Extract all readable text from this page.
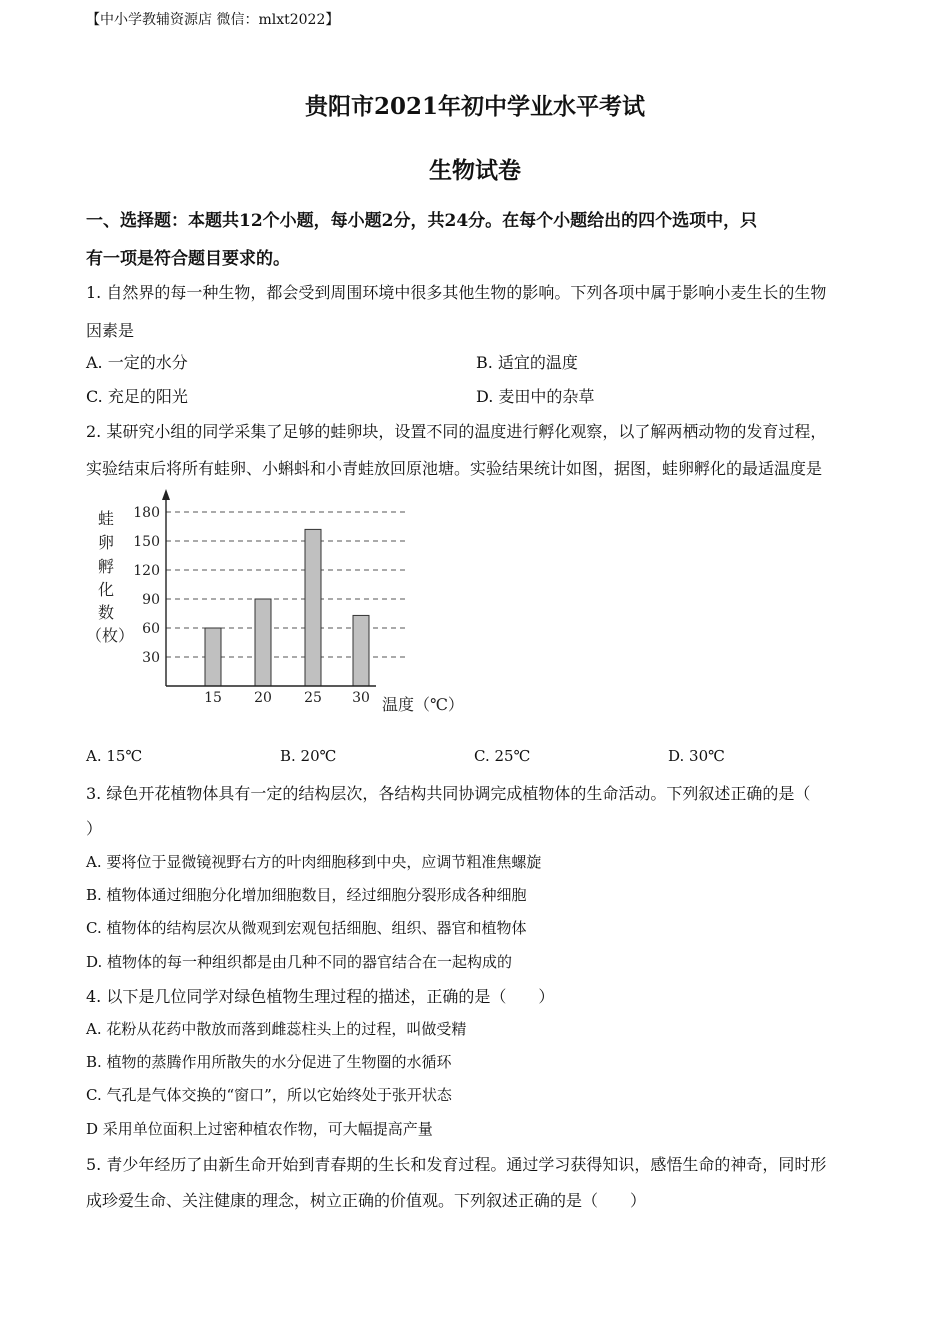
【中小学教辅资源店 微信：mlxt2022】
贵阳市2021年初中学业水平考试
生物试卷
一、选择题：本题共12个小题，每小题2分，共24分。在每个小题给出的四个选项中，只
有一项是符合题目要求的。
1. 自然界的每一种生物，都会受到周围环境中很多其他生物的影响。下列各项中属于影响小麦生长的生物
因素是
A. 一定的水分	B. 适宜的温度
C. 充足的阳光	D. 麦田中的杂草
2. 某研究小组的同学采集了足够的蛙卵块，设置不同的温度进行孵化观察，以了解两栖动物的发育过程，
实验结束后将所有蛙卵、小蝌蚪和小青蛙放回原池塘。实验结果统计如图，据图，蛙卵孵化的最适温度是
蛙
卵
孵
化
数
（枚）
30
60
90
120
150
180
15 20 25 30 温度（℃）
A. 15℃	B. 20℃	C. 25℃	D. 30℃
3. 绿色开花植物体具有一定的结构层次，各结构共同协调完成植物体的生命活动。下列叙述正确的是（
）
A. 要将位于显微镜视野右方的叶肉细胞移到中央，应调节粗准焦螺旋
B. 植物体通过细胞分化增加细胞数目，经过细胞分裂形成各种细胞
C. 植物体的结构层次从微观到宏观包括细胞、组织、器官和植物体
D. 植物体的每一种组织都是由几种不同的器官结合在一起构成的
4. 以下是几位同学对绿色植物生理过程的描述，正确的是（　　）
A. 花粉从花药中散放而落到雌蕊柱头上的过程，叫做受精
B. 植物的蒸腾作用所散失的水分促进了生物圈的水循环
C. 气孔是气体交换的“窗口”，所以它始终处于张开状态
D 采用单位面积上过密种植农作物，可大幅提高产量
5. 青少年经历了由新生命开始到青春期的生长和发育过程。通过学习获得知识，感悟生命的神奇，同时形
成珍爱生命、关注健康的理念，树立正确的价值观。下列叙述正确的是（　　）
